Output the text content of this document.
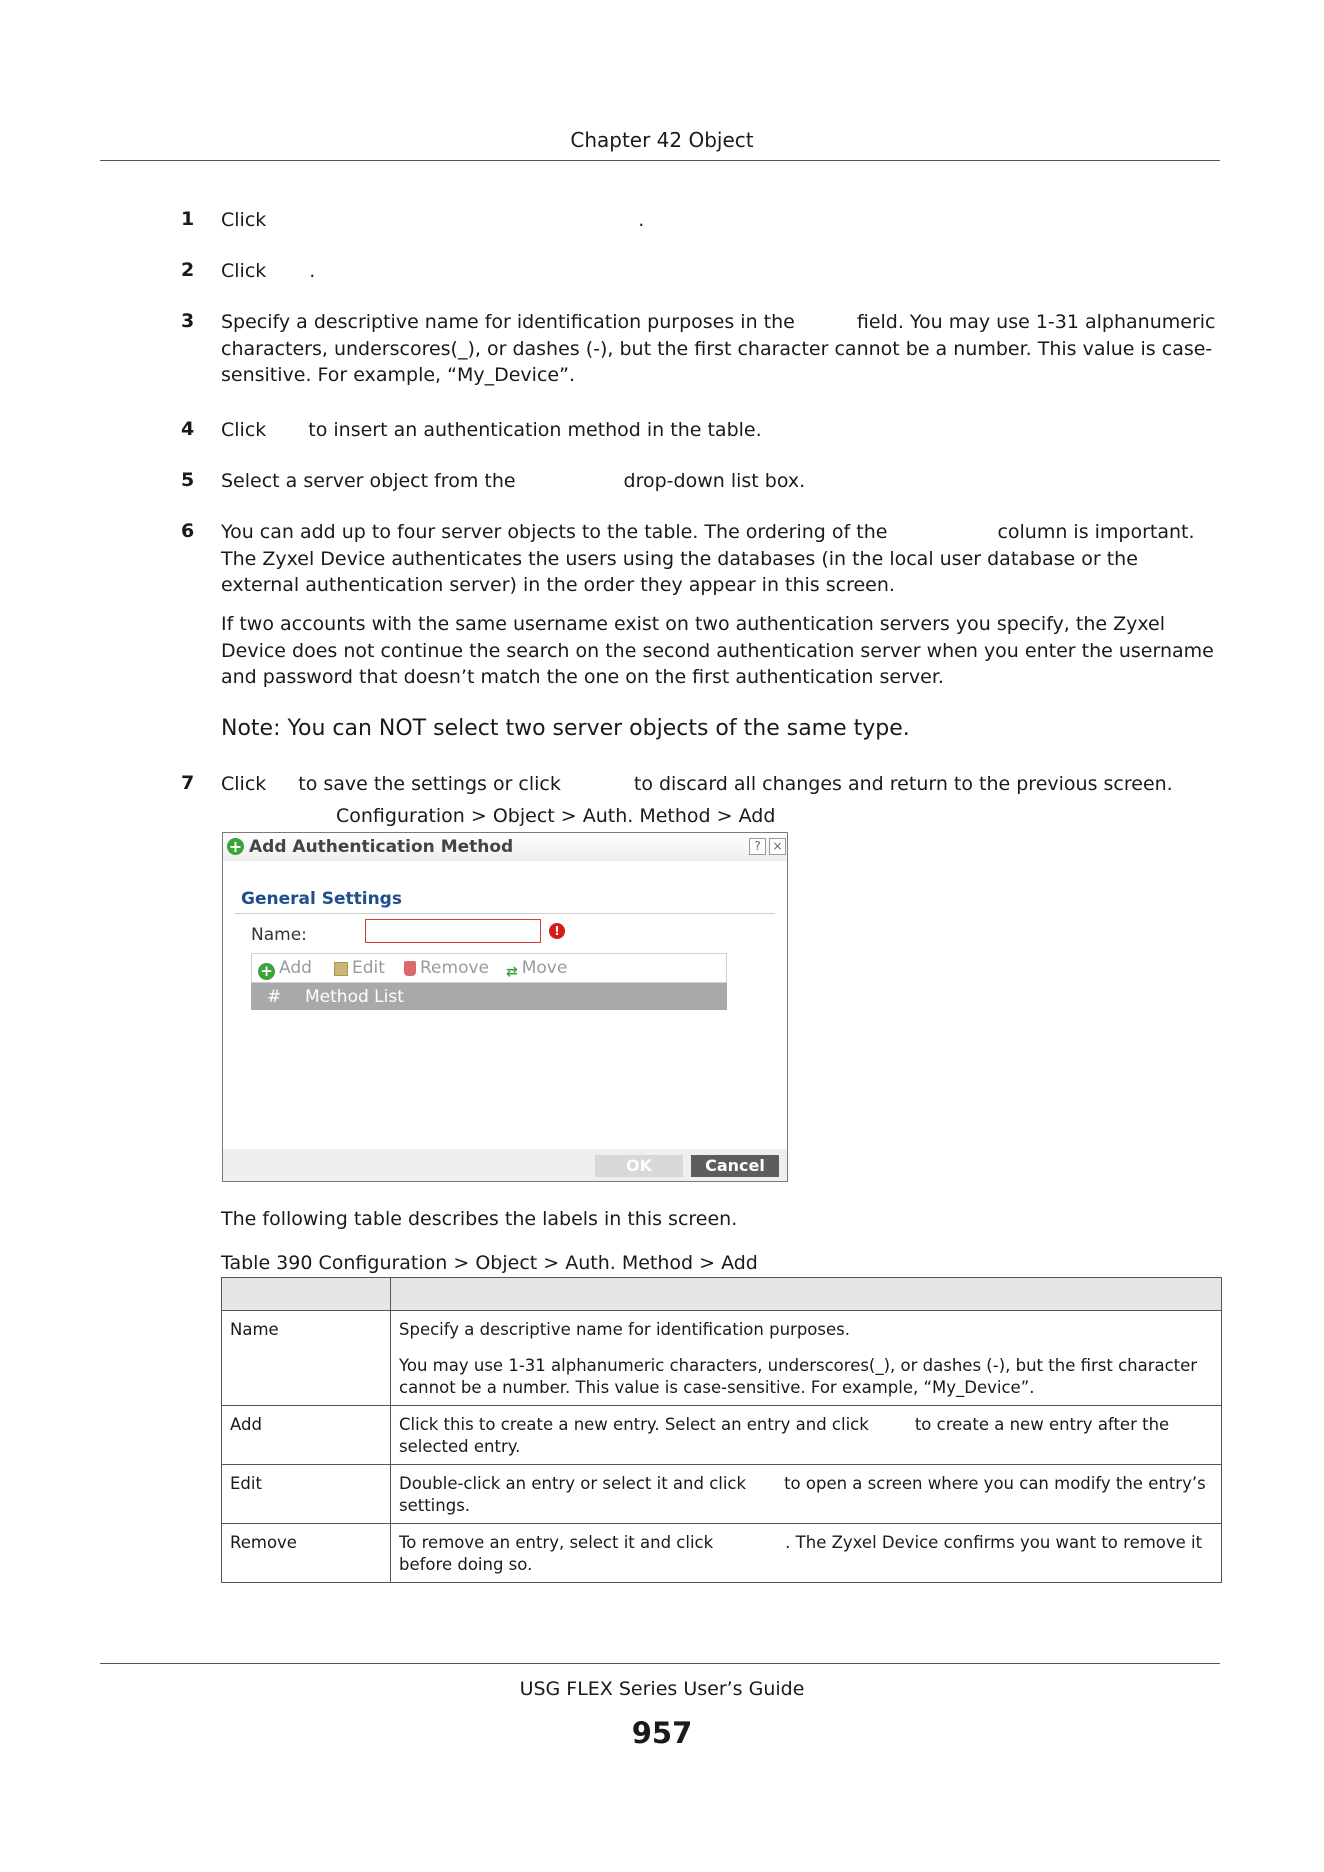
Chapter 42 Object
1 Click	.
2 Click .
3 Specify a descriptive name for identification purposes in the	field. You may use 1-31 alphanumeric characters, underscores(_), or dashes (-), but the first character cannot be a number. This value is case-sensitive. For example, “My_Device”.
4 Click to insert an authentication method in the table.
5 Select a server object from the	drop-down list box.
6 You can add up to four server objects to the table. The ordering of the	column is important. The Zyxel Device authenticates the users using the databases (in the local user database or the external authentication server) in the order they appear in this screen.
If two accounts with the same username exist on two authentication servers you specify, the Zyxel Device does not continue the search on the second authentication server when you enter the username and password that doesn’t match the one on the first authentication server.
Note: You can NOT select two server objects of the same type.
7 Click to save the settings or click	to discard all changes and return to the previous screen.
Configuration > Object > Auth. Method > Add
+ Add Authentication Method	? ×
General Settings
Name:	!
+ Add	Edit	Remove ⇄ Move
# Method List
OK	Cancel
The following table describes the labels in this screen.
Table 390 Configuration > Object > Auth. Method > Add

Name	Specify a descriptive name for identification purposes.

You may use 1-31 alphanumeric characters, underscores(_), or dashes (-), but the first character cannot be a number. This value is case-sensitive. For example, “My_Device”.

Add	Click this to create a new entry. Select an entry and click to create a new entry after the selected entry.
Edit	Double-click an entry or select it and click to open a screen where you can modify the entry’s settings.
Remove	To remove an entry, select it and click . The Zyxel Device confirms you want to remove it before doing so.
USG FLEX Series User’s Guide
957
